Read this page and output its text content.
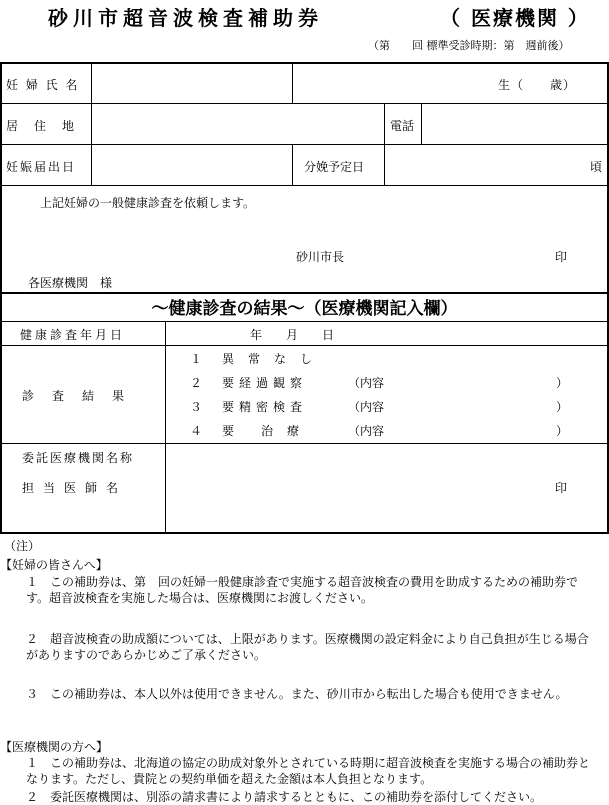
砂川市超音波検査補助券	（ 医療機関 ）
（第　　回 標準受診時期：第　週前後）
妊 婦 氏 名	生（　　歳）
居　住　地	電話
妊娠届出日	分娩予定日	頃
上記妊婦の一般健康診査を依頼します。
砂川市長	印
各医療機関　様
～健康診査の結果～（医療機関記入欄）
健康診査年月日	年　　月　　日
診　査　結　果
１ 異　常　な　し
２ 要経過観察	（内容	）
３ 要精密検査	（内容	）
４ 要　　治　療	（内容	）
委託医療機関名称
担当医師名	印
（注）
【妊婦の皆さんへ】
１　この補助券は、第　回の妊婦一般健康診査で実施する超音波検査の費用を助成するための補助券です。超音波検査を実施した場合は、医療機関にお渡しください。
２　超音波検査の助成額については、上限があります。医療機関の設定料金により自己負担が生じる場合がありますのであらかじめご了承ください。
３　この補助券は、本人以外は使用できません。また、砂川市から転出した場合も使用できません。
【医療機関の方へ】
１　この補助券は、北海道の協定の助成対象外とされている時期に超音波検査を実施する場合の補助券となります。ただし、貴院との契約単価を超えた金額は本人負担となります。
２　委託医療機関は、別添の請求書により請求するとともに、この補助券を添付してください。
